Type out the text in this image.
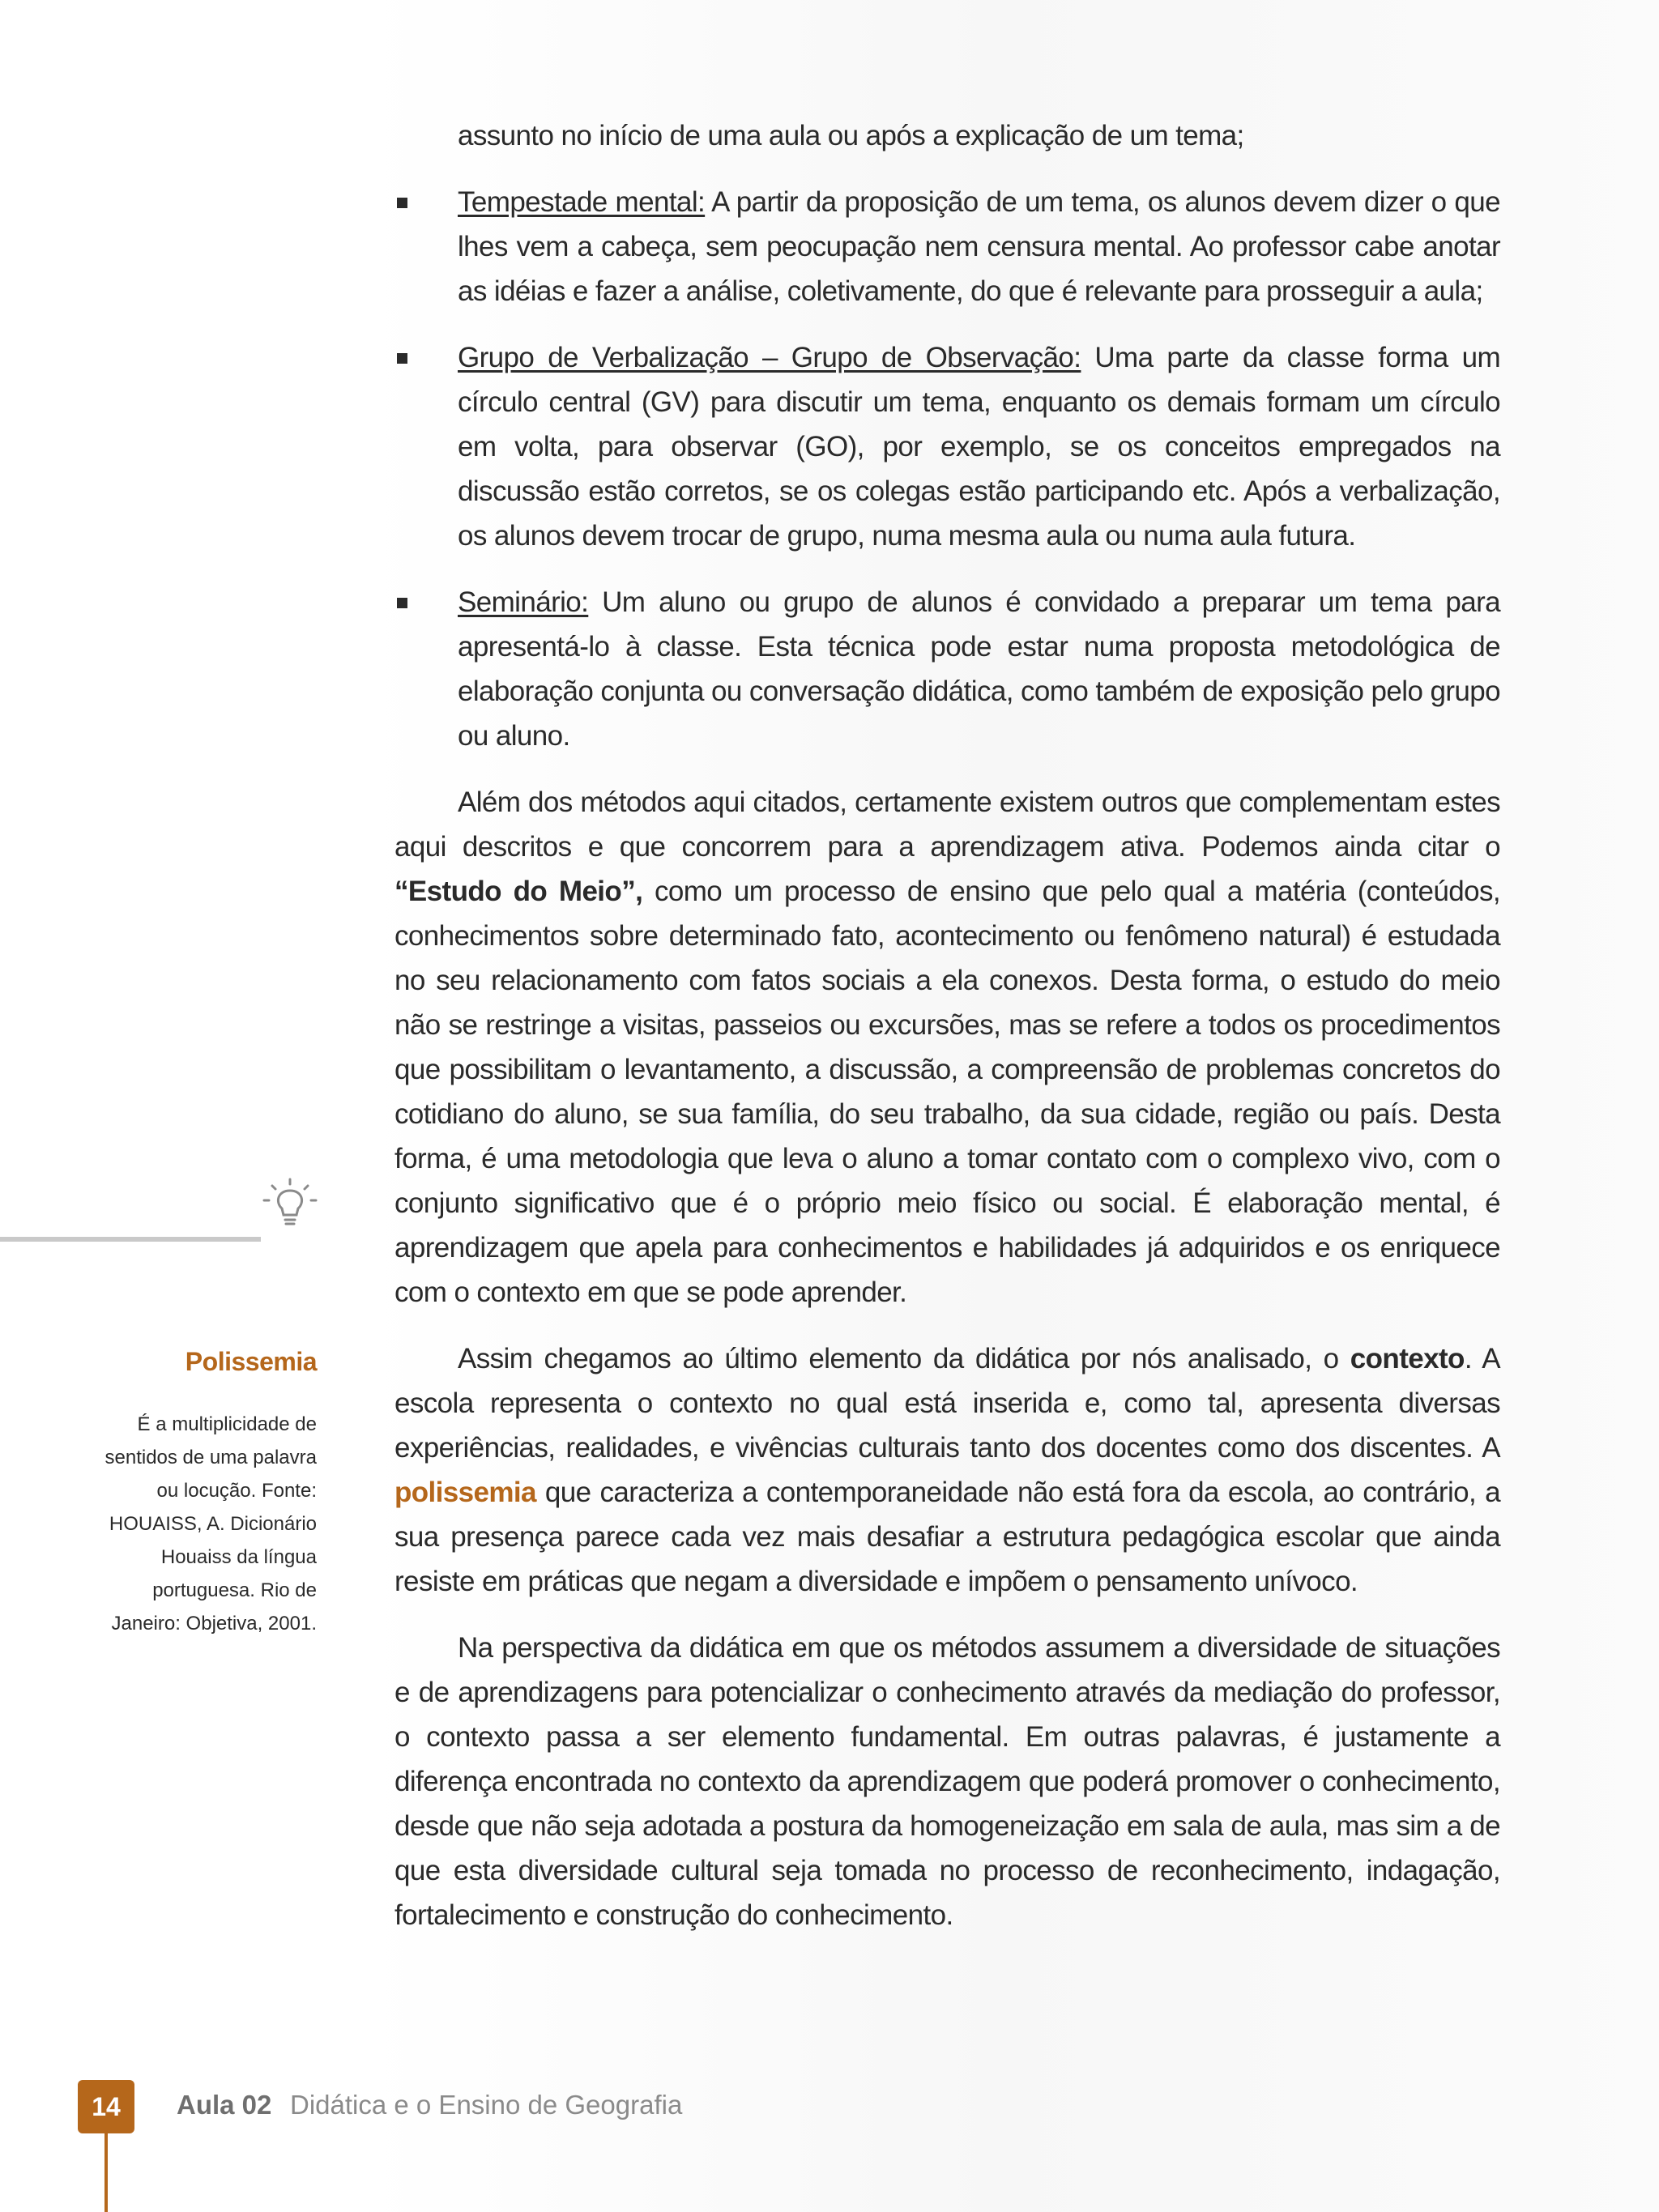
assunto no início de uma aula ou após a explicação de um tema;

Tempestade mental: A partir da proposição de um tema, os alunos devem dizer o que lhes vem a cabeça, sem peocupação nem censura mental. Ao professor cabe anotar as idéias e fazer a análise, coletivamente, do que é relevante para prosseguir a aula;
Grupo de Verbalização – Grupo de Observação: Uma parte da classe forma um círculo central (GV) para discutir um tema, enquanto os demais formam um círculo em volta, para observar (GO), por exemplo, se os conceitos empregados na discussão estão corretos, se os colegas estão participando etc. Após a verbalização, os alunos devem trocar de grupo, numa mesma aula ou numa aula futura.
Seminário: Um aluno ou grupo de alunos é convidado a preparar um tema para apresentá-lo à classe. Esta técnica pode estar numa proposta metodológica de elaboração conjunta ou conversação didática, como também de exposição pelo grupo ou aluno.

Além dos métodos aqui citados, certamente existem outros que complementam estes aqui descritos e que concorrem para a aprendizagem ativa. Podemos ainda citar o “Estudo do Meio”, como um processo de ensino que pelo qual a matéria (conteúdos, conhecimentos sobre determinado fato, acontecimento ou fenômeno natural) é estudada no seu relacionamento com fatos sociais a ela conexos. Desta forma, o estudo do meio não se restringe a visitas, passeios ou excursões, mas se refere a todos os procedimentos que possibilitam o levantamento, a discussão, a compreensão de problemas concretos do cotidiano do aluno, se sua família, do seu trabalho, da sua cidade, região ou país. Desta forma, é uma metodologia que leva o aluno a tomar contato com o complexo vivo, com o conjunto significativo que é o próprio meio físico ou social. É elaboração mental, é aprendizagem que apela para conhecimentos e habilidades já adquiridos e os enriquece com o contexto em que se pode aprender.

Assim chegamos ao último elemento da didática por nós analisado, o contexto. A escola representa o contexto no qual está inserida e, como tal, apresenta diversas experiências, realidades, e vivências culturais tanto dos docentes como dos discentes. A polissemia que caracteriza a contemporaneidade não está fora da escola, ao contrário, a sua presença parece cada vez mais desafiar a estrutura pedagógica escolar que ainda resiste em práticas que negam a diversidade e impõem o pensamento unívoco.

Na perspectiva da didática em que os métodos assumem a diversidade de situações e de aprendizagens para potencializar o conhecimento através da mediação do professor, o contexto passa a ser elemento fundamental. Em outras palavras, é justamente a diferença encontrada no contexto da aprendizagem que poderá promover o conhecimento, desde que não seja adotada a postura da homogeneização em sala de aula, mas sim a de que esta diversidade cultural seja tomada no processo de reconhecimento, indagação, fortalecimento e construção do conhecimento.

Polissemia
É a multiplicidade de sentidos de uma palavra ou locução. Fonte: HOUAISS, A. Dicionário Houaiss da língua portuguesa. Rio de Janeiro: Objetiva, 2001.
14	Aula 02 Didática e o Ensino de Geografia
